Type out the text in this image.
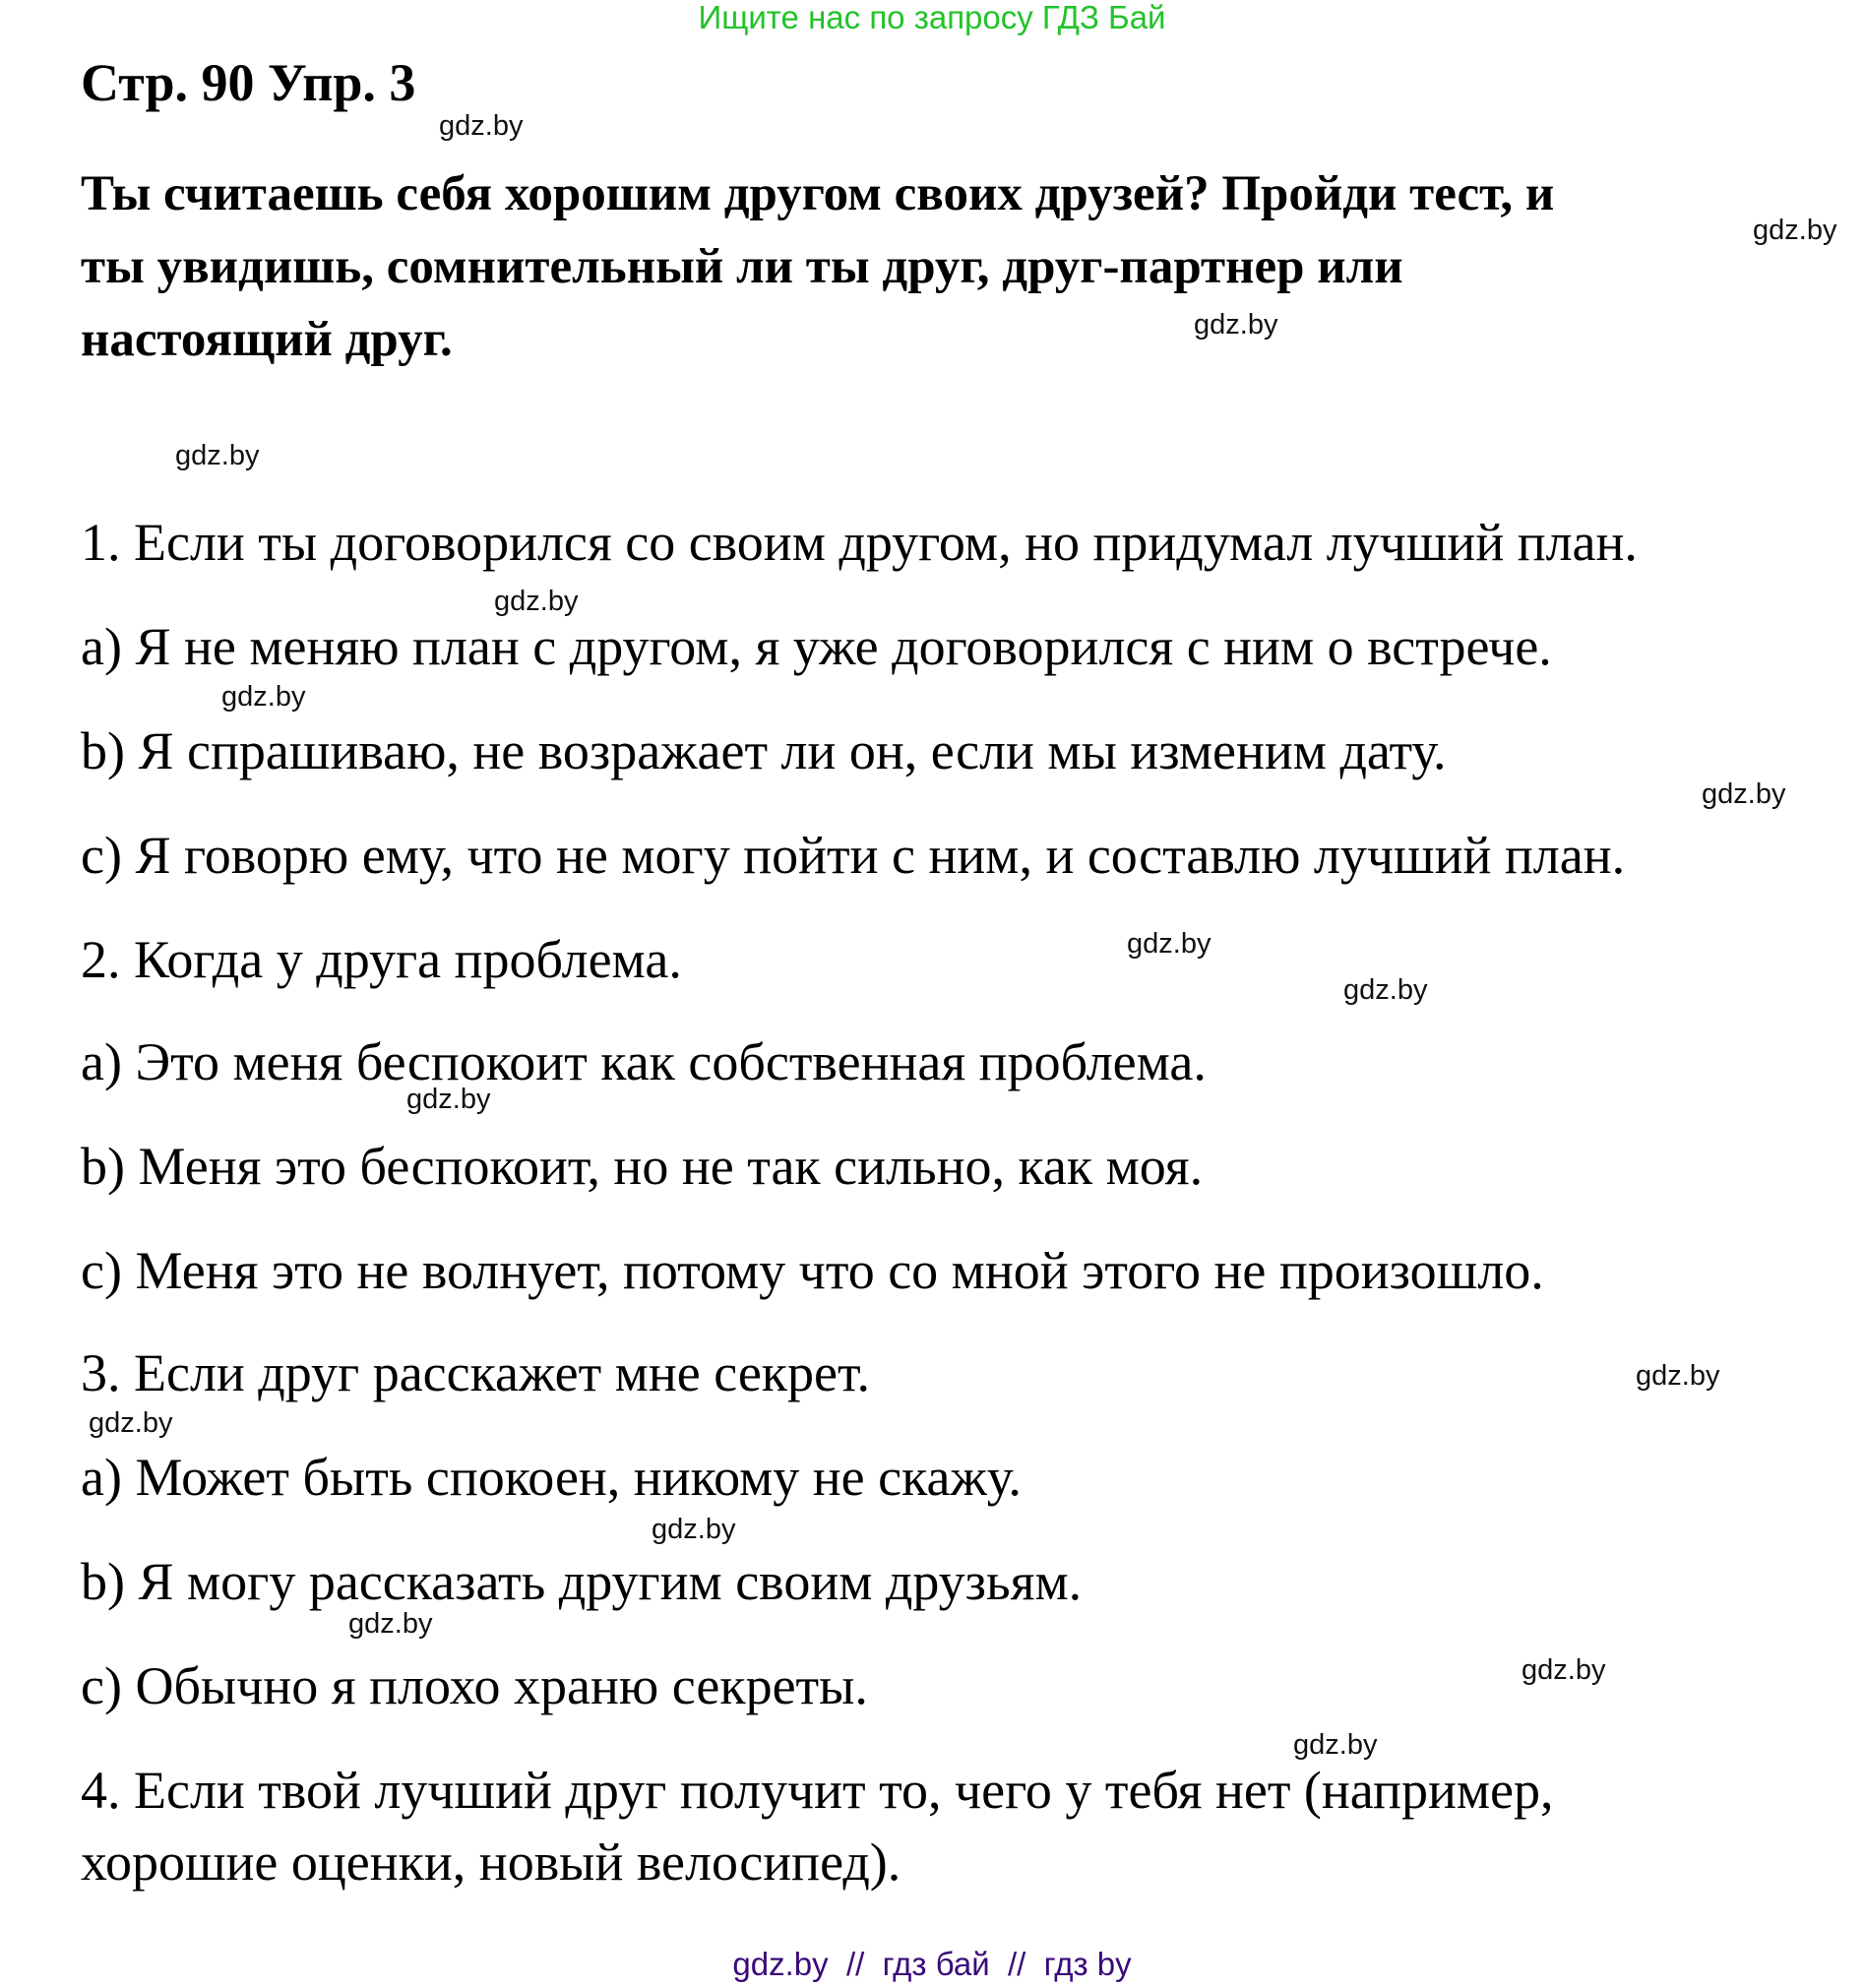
Ищите нас по запросу ГДЗ Бай
Стр. 90 Упр. 3
Ты считаешь себя хорошим другом своих друзей? Пройди тест, и
ты увидишь, сомнительный ли ты друг, друг-партнер или
настоящий друг.
1. Если ты договорился со своим другом, но придумал лучший план.
a) Я не меняю план с другом, я уже договорился с ним о встрече.
b) Я спрашиваю, не возражает ли он, если мы изменим дату.
c) Я говорю ему, что не могу пойти с ним, и составлю лучший план.
2. Когда у друга проблема.
a) Это меня беспокоит как собственная проблема.
b) Меня это беспокоит, но не так сильно, как моя.
c) Меня это не волнует, потому что со мной этого не произошло.
3. Если друг расскажет мне секрет.
a) Может быть спокоен, никому не скажу.
b) Я могу рассказать другим своим друзьям.
c) Обычно я плохо храню секреты.
4. Если твой лучший друг получит то, чего у тебя нет (например,
хорошие оценки, новый велосипед).
gdz.by
gdz.by
gdz.by
gdz.by
gdz.by
gdz.by
gdz.by
gdz.by
gdz.by
gdz.by
gdz.by
gdz.by
gdz.by
gdz.by
gdz.by
gdz.by
gdz.by  //  гдз бай  //  гдз by
